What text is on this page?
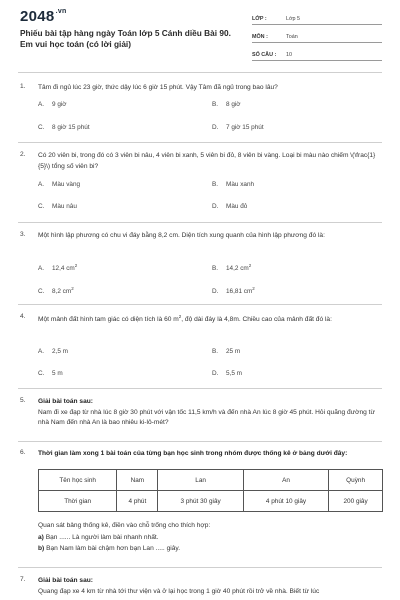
$2048^{.vn}$
Phiếu bài tập hàng ngày Toán lớp 5 Cánh diều Bài 90. Em vui học toán (có lời giải)
LỚP :	Lớp 5
MÔN :	Toán
SỐ CÂU :	10
1. Tâm đi ngủ lúc 23 giờ, thức dậy lúc 6 giờ 15 phút. Vậy Tâm đã ngủ trong bao lâu?
A. 9 giờ	B. 8 giờ
C. 8 giờ 15 phút	D. 7 giờ 15 phút
2. Có 20 viên bi, trong đó có 3 viên bi nâu, 4 viên bi xanh, 5 viên bi đỏ, 8 viên bi vàng. Loại bi màu nào chiếm \(\frac{1}{5}\) tổng số viên bi?
A. Màu vàng	B. Màu xanh
C. Màu nâu	D. Màu đỏ
3. Một hình lập phương có chu vi đáy bằng 8,2 cm. Diện tích xung quanh của hình lập phương đó là:
A. 12,4 $cm^2$	B. 14,2 $cm^2$
C. 8,2 $cm^2$	D. 16,81 $cm^2$
4. Một mảnh đất hình tam giác có diện tích là 60 $m^2$, độ dài đáy là 4,8m. Chiều cao của mảnh đất đó là:
A. 2,5 m	B. 25 m
C. 5 m	D. 5,5 m
5. Giải bài toán sau:
Nam đi xe đạp từ nhà lúc 8 giờ 30 phút với vận tốc 11,5 km/h và đến nhà An lúc 8 giờ 45 phút. Hỏi quãng đường từ nhà Nam đến nhà An là bao nhiêu ki-lô-mét?
6. Thời gian làm xong 1 bài toán của từng bạn học sinh trong nhóm được thống kê ở bảng dưới đây:
Tên học sinh	Nam	Lan	An	Quỳnh
Thời gian	4 phút	3 phút 30 giây	4 phút 10 giây	200 giây
Quan sát bảng thống kê, điền vào chỗ trống cho thích hợp:
a) Bạn ...... Là người làm bài nhanh nhất.
b) Bạn Nam làm bài chậm hơn bạn Lan ..... giây.
7. Giải bài toán sau:
Quang đạp xe 4 km từ nhà tới thư viện và ở lại học trong 1 giờ 40 phút rồi trở về nhà. Biết từ lúc
